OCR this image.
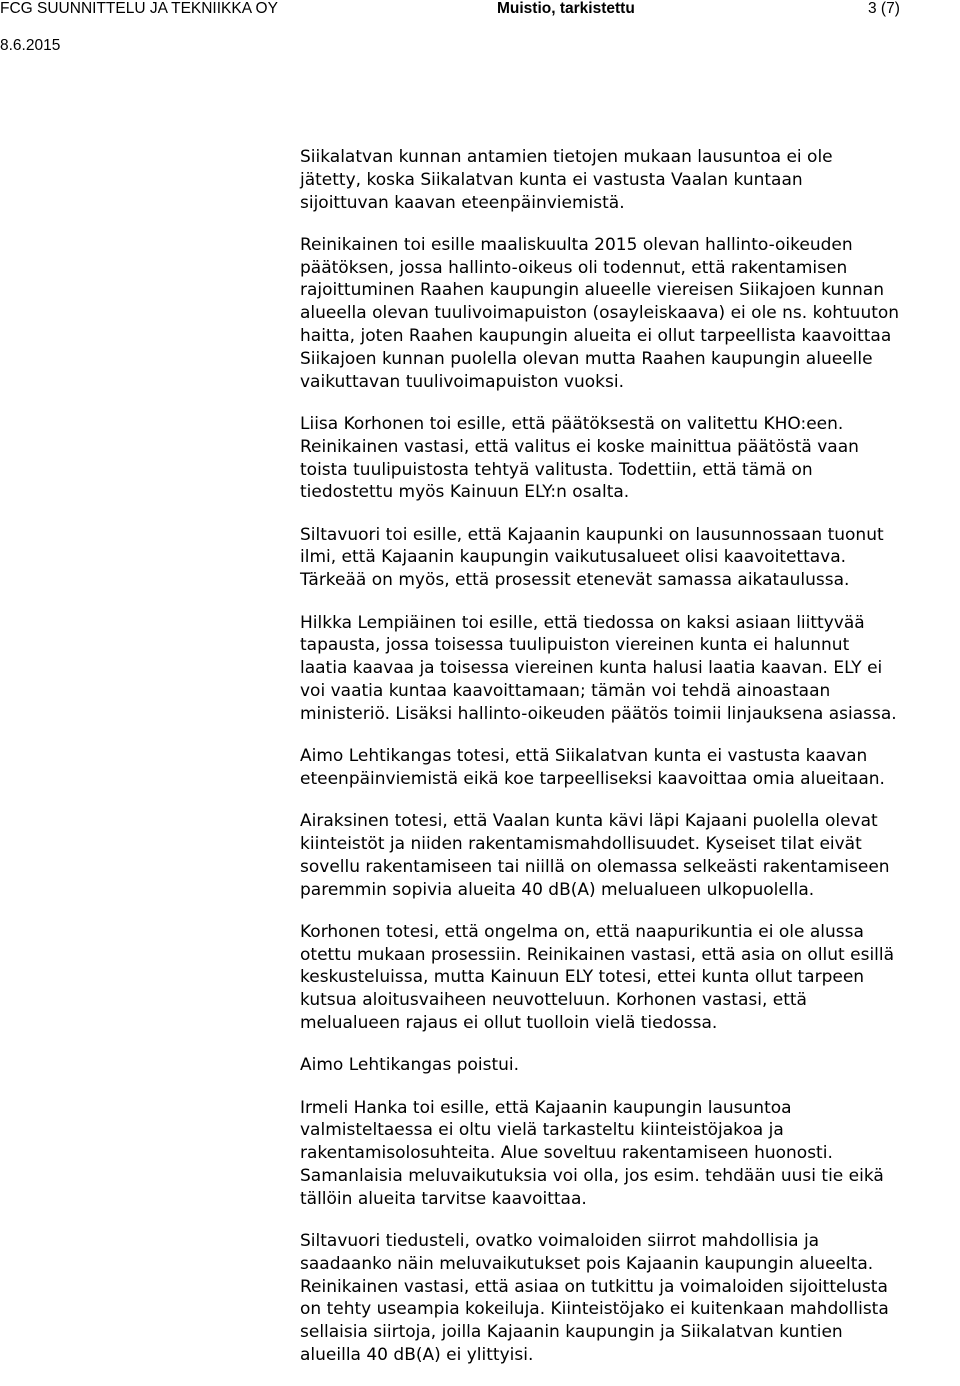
FCG SUUNNITTELU JA TEKNIIKKA OY	Muistio, tarkistettu	3 (7)
8.6.2015

Siikalatvan kunnan antamien tietojen mukaan lausuntoa ei ole
jätetty, koska Siikalatvan kunta ei vastusta Vaalan kuntaan
sijoittuvan kaavan eteenpäinviemistä.

Reinikainen toi esille maaliskuulta 2015 olevan hallinto-oikeuden
päätöksen, jossa hallinto-oikeus oli todennut, että rakentamisen
rajoittuminen Raahen kaupungin alueelle viereisen Siikajoen kunnan
alueella olevan tuulivoimapuiston (osayleiskaava) ei ole ns. kohtuuton
haitta, joten Raahen kaupungin alueita ei ollut tarpeellista kaavoittaa
Siikajoen kunnan puolella olevan mutta Raahen kaupungin alueelle
vaikuttavan tuulivoimapuiston vuoksi.

Liisa Korhonen toi esille, että päätöksestä on valitettu KHO:een.
Reinikainen vastasi, että valitus ei koske mainittua päätöstä vaan
toista tuulipuistosta tehtyä valitusta. Todettiin, että tämä on
tiedostettu myös Kainuun ELY:n osalta.

Siltavuori toi esille, että Kajaanin kaupunki on lausunnossaan tuonut
ilmi, että Kajaanin kaupungin vaikutusalueet olisi kaavoitettava.
Tärkeää on myös, että prosessit etenevät samassa aikataulussa.

Hilkka Lempiäinen toi esille, että tiedossa on kaksi asiaan liittyvää
tapausta, jossa toisessa tuulipuiston viereinen kunta ei halunnut
laatia kaavaa ja toisessa viereinen kunta halusi laatia kaavan. ELY ei
voi vaatia kuntaa kaavoittamaan; tämän voi tehdä ainoastaan
ministeriö. Lisäksi hallinto-oikeuden päätös toimii linjauksena asiassa.

Aimo Lehtikangas totesi, että Siikalatvan kunta ei vastusta kaavan
eteenpäinviemistä eikä koe tarpeelliseksi kaavoittaa omia alueitaan.

Airaksinen totesi, että Vaalan kunta kävi läpi Kajaani puolella olevat
kiinteistöt ja niiden rakentamismahdollisuudet. Kyseiset tilat eivät
sovellu rakentamiseen tai niillä on olemassa selkeästi rakentamiseen
paremmin sopivia alueita 40 dB(A) melualueen ulkopuolella.

Korhonen totesi, että ongelma on, että naapurikuntia ei ole alussa
otettu mukaan prosessiin. Reinikainen vastasi, että asia on ollut esillä
keskusteluissa, mutta Kainuun ELY totesi, ettei kunta ollut tarpeen
kutsua aloitusvaiheen neuvotteluun. Korhonen vastasi, että
melualueen rajaus ei ollut tuolloin vielä tiedossa.

Aimo Lehtikangas poistui.

Irmeli Hanka toi esille, että Kajaanin kaupungin lausuntoa
valmisteltaessa ei oltu vielä tarkasteltu kiinteistöjakoa ja
rakentamisolosuhteita. Alue soveltuu rakentamiseen huonosti.
Samanlaisia meluvaikutuksia voi olla, jos esim. tehdään uusi tie eikä
tällöin alueita tarvitse kaavoittaa.

Siltavuori tiedusteli, ovatko voimaloiden siirrot mahdollisia ja
saadaanko näin meluvaikutukset pois Kajaanin kaupungin alueelta.
Reinikainen vastasi, että asiaa on tutkittu ja voimaloiden sijoittelusta
on tehty useampia kokeiluja. Kiinteistöjako ei kuitenkaan mahdollista
sellaisia siirtoja, joilla Kajaanin kaupungin ja Siikalatvan kuntien
alueilla 40 dB(A) ei ylittyisi.
